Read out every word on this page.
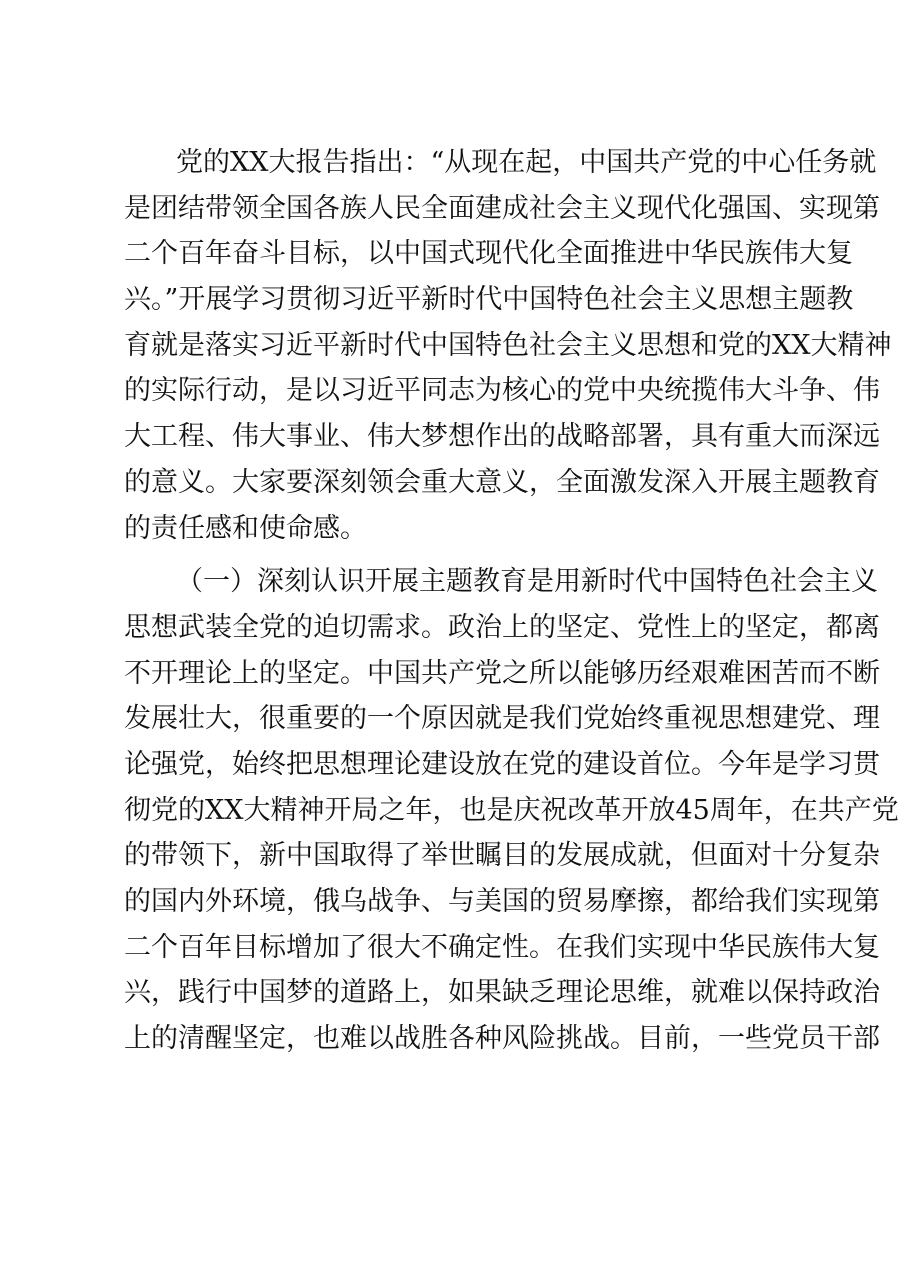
党的XX大报告指出：“从现在起，中国共产党的中心任务就
是团结带领全国各族人民全面建成社会主义现代化强国、实现第
二个百年奋斗目标，以中国式现代化全面推进中华民族伟大复
兴。”开展学习贯彻习近平新时代中国特色社会主义思想主题教
育就是落实习近平新时代中国特色社会主义思想和党的XX大精神
的实际行动，是以习近平同志为核心的党中央统揽伟大斗争、伟
大工程、伟大事业、伟大梦想作出的战略部署，具有重大而深远
的意义。大家要深刻领会重大意义，全面激发深入开展主题教育
的责任感和使命感。
（一）深刻认识开展主题教育是用新时代中国特色社会主义
思想武装全党的迫切需求。政治上的坚定、党性上的坚定，都离
不开理论上的坚定。中国共产党之所以能够历经艰难困苦而不断
发展壮大，很重要的一个原因就是我们党始终重视思想建党、理
论强党，始终把思想理论建设放在党的建设首位。今年是学习贯
彻党的XX大精神开局之年，也是庆祝改革开放45周年，在共产党
的带领下，新中国取得了举世瞩目的发展成就，但面对十分复杂
的国内外环境，俄乌战争、与美国的贸易摩擦，都给我们实现第
二个百年目标增加了很大不确定性。在我们实现中华民族伟大复
兴，践行中国梦的道路上，如果缺乏理论思维，就难以保持政治
上的清醒坚定，也难以战胜各种风险挑战。目前，一些党员干部
